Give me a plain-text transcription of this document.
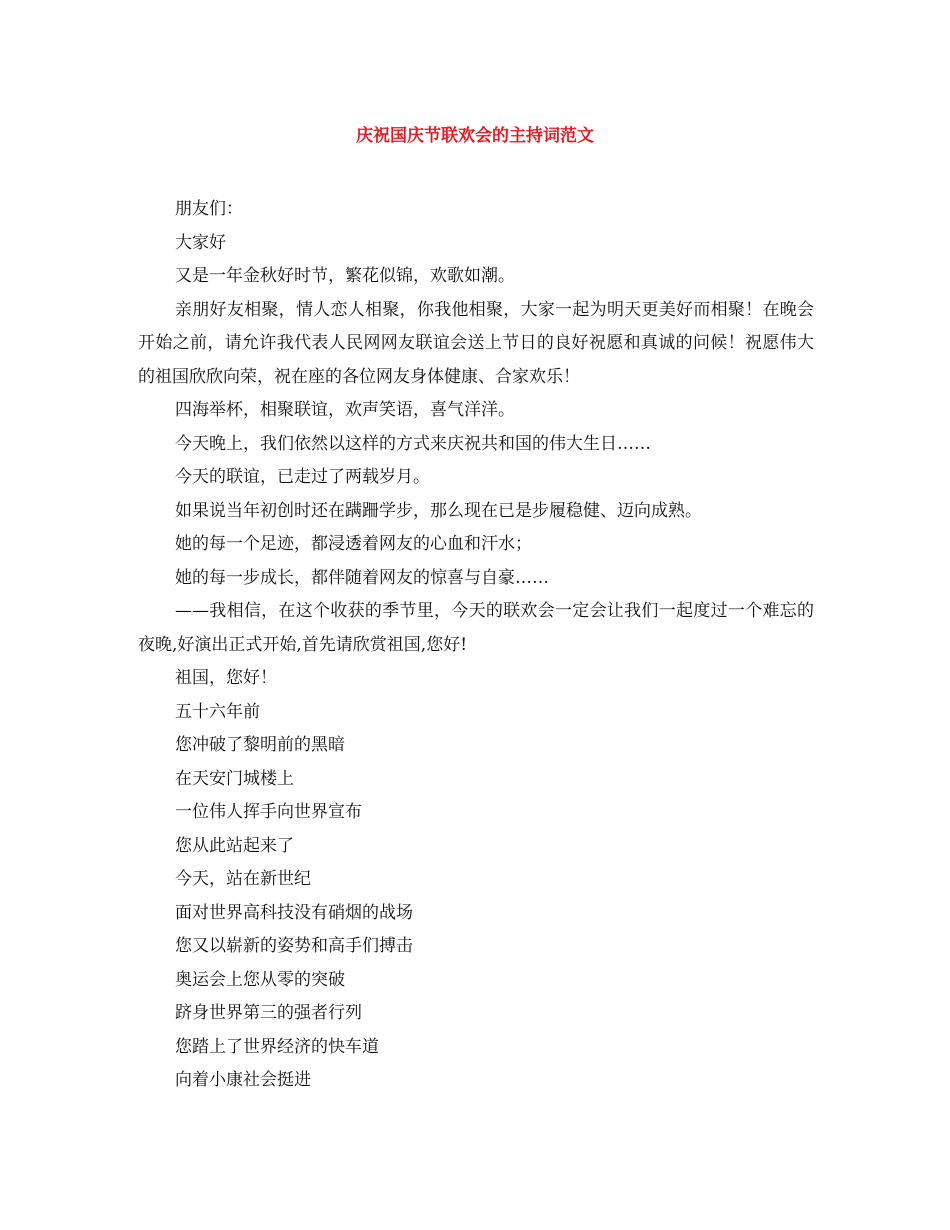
庆祝国庆节联欢会的主持词范文

朋友们：

大家好

又是一年金秋好时节，繁花似锦，欢歌如潮。

亲朋好友相聚，情人恋人相聚，你我他相聚，大家一起为明天更美好而相聚！在晚会开始之前，请允许我代表人民网网友联谊会送上节日的良好祝愿和真诚的问候！祝愿伟大的祖国欣欣向荣，祝在座的各位网友身体健康、合家欢乐！

四海举杯，相聚联谊，欢声笑语，喜气洋洋。

今天晚上，我们依然以这样的方式来庆祝共和国的伟大生日……

今天的联谊，已走过了两载岁月。

如果说当年初创时还在蹒跚学步，那么现在已是步履稳健、迈向成熟。

她的每一个足迹，都浸透着网友的心血和汗水；

她的每一步成长，都伴随着网友的惊喜与自豪……

——我相信，在这个收获的季节里，今天的联欢会一定会让我们一起度过一个难忘的夜晚,好演出正式开始,首先请欣赏祖国,您好!

祖国，您好！

五十六年前

您冲破了黎明前的黑暗

在天安门城楼上

一位伟人挥手向世界宣布

您从此站起来了

今天，站在新世纪

面对世界高科技没有硝烟的战场

您又以崭新的姿势和高手们搏击

奥运会上您从零的突破

跻身世界第三的强者行列

您踏上了世界经济的快车道

向着小康社会挺进
